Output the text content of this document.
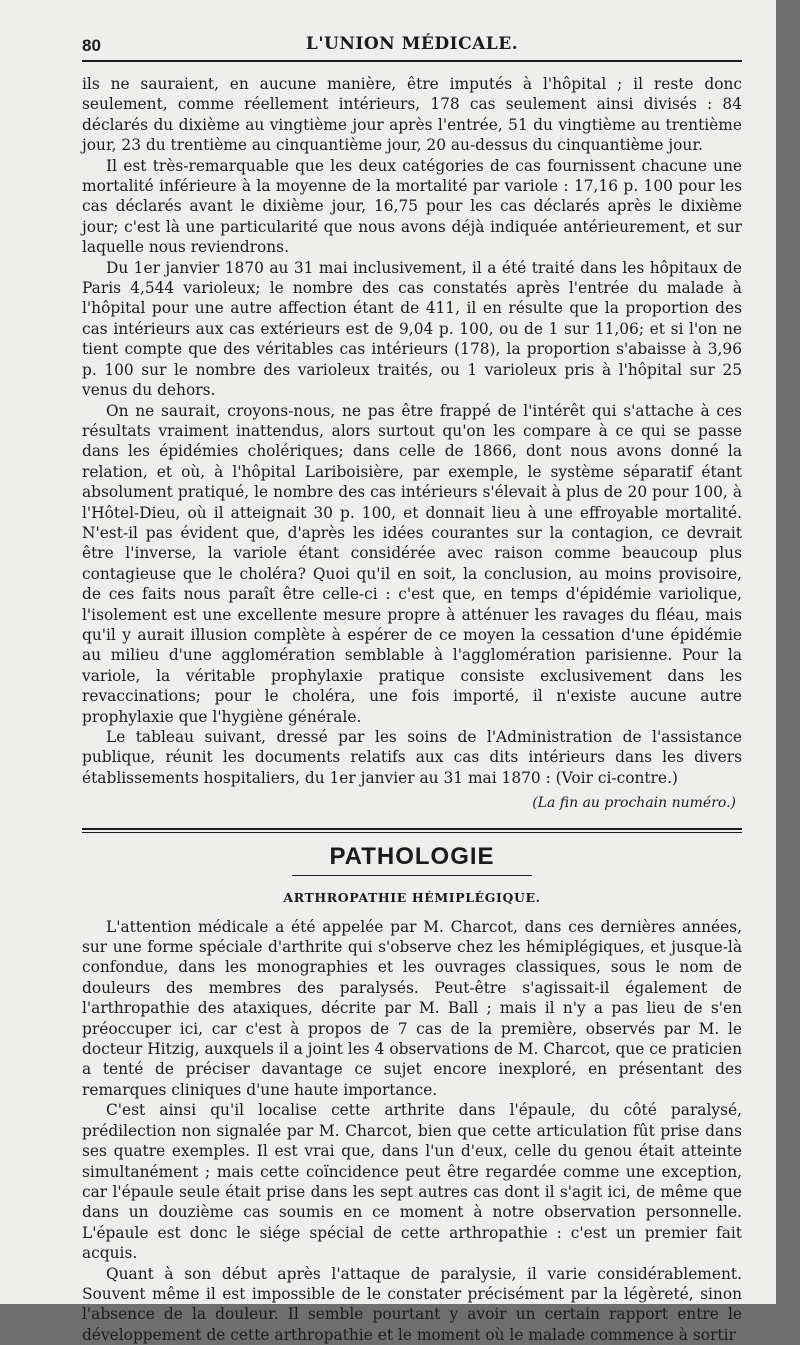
80	L'UNION MÉDICALE.

ils ne sauraient, en aucune manière, être imputés à l'hôpital ; il reste donc seulement, comme réellement intérieurs, 178 cas seulement ainsi divisés : 84 déclarés du dixième au vingtième jour après l'entrée, 51 du vingtième au trentième jour, 23 du trentième au cinquantième jour, 20 au-dessus du cinquantième jour.

Il est très-remarquable que les deux catégories de cas fournissent chacune une mortalité inférieure à la moyenne de la mortalité par variole : 17,16 p. 100 pour les cas déclarés avant le dixième jour, 16,75 pour les cas déclarés après le dixième jour; c'est là une particularité que nous avons déjà indiquée antérieurement, et sur laquelle nous reviendrons.

Du 1er janvier 1870 au 31 mai inclusivement, il a été traité dans les hôpitaux de Paris 4,544 varioleux; le nombre des cas constatés après l'entrée du malade à l'hôpital pour une autre affection étant de 411, il en résulte que la proportion des cas intérieurs aux cas extérieurs est de 9,04 p. 100, ou de 1 sur 11,06; et si l'on ne tient compte que des véritables cas intérieurs (178), la proportion s'abaisse à 3,96 p. 100 sur le nombre des varioleux traités, ou 1 varioleux pris à l'hôpital sur 25 venus du dehors.

On ne saurait, croyons-nous, ne pas être frappé de l'intérêt qui s'attache à ces résultats vraiment inattendus, alors surtout qu'on les compare à ce qui se passe dans les épidémies cholériques; dans celle de 1866, dont nous avons donné la relation, et où, à l'hôpital Lariboisière, par exemple, le système séparatif étant absolument pratiqué, le nombre des cas intérieurs s'élevait à plus de 20 pour 100, à l'Hôtel-Dieu, où il atteignait 30 p. 100, et donnait lieu à une effroyable mortalité. N'est-il pas évident que, d'après les idées courantes sur la contagion, ce devrait être l'inverse, la variole étant considérée avec raison comme beaucoup plus contagieuse que le choléra? Quoi qu'il en soit, la conclusion, au moins provisoire, de ces faits nous paraît être celle-ci : c'est que, en temps d'épidémie variolique, l'isolement est une excellente mesure propre à atténuer les ravages du fléau, mais qu'il y aurait illusion complète à espérer de ce moyen la cessation d'une épidémie au milieu d'une agglomération semblable à l'agglomération parisienne. Pour la variole, la véritable prophylaxie pratique consiste exclusivement dans les revaccinations; pour le choléra, une fois importé, il n'existe aucune autre prophylaxie que l'hygiène générale.

Le tableau suivant, dressé par les soins de l'Administration de l'assistance publique, réunit les documents relatifs aux cas dits intérieurs dans les divers établissements hospitaliers, du 1er janvier au 31 mai 1870 : (Voir ci-contre.)

(La fin au prochain numéro.)
PATHOLOGIE
ARTHROPATHIE HÉMIPLÉGIQUE.

L'attention médicale a été appelée par M. Charcot, dans ces dernières années, sur une forme spéciale d'arthrite qui s'observe chez les hémiplégiques, et jusque-là confondue, dans les monographies et les ouvrages classiques, sous le nom de douleurs des membres des paralysés. Peut-être s'agissait-il également de l'arthropathie des ataxiques, décrite par M. Ball ; mais il n'y a pas lieu de s'en préoccuper ici, car c'est à propos de 7 cas de la première, observés par M. le docteur Hitzig, auxquels il a joint les 4 observations de M. Charcot, que ce praticien a tenté de préciser davantage ce sujet encore inexploré, en présentant des remarques cliniques d'une haute importance.

C'est ainsi qu'il localise cette arthrite dans l'épaule, du côté paralysé, prédilection non signalée par M. Charcot, bien que cette articulation fût prise dans ses quatre exemples. Il est vrai que, dans l'un d'eux, celle du genou était atteinte simultanément ; mais cette coïncidence peut être regardée comme une exception, car l'épaule seule était prise dans les sept autres cas dont il s'agit ici, de même que dans un douzième cas soumis en ce moment à notre observation personnelle. L'épaule est donc le siége spécial de cette arthropathie : c'est un premier fait acquis.

Quant à son début après l'attaque de paralysie, il varie considérablement. Souvent même il est impossible de le constater précisément par la légèreté, sinon l'absence de la douleur. Il semble pourtant y avoir un certain rapport entre le développement de cette arthropathie et le moment où le malade commence à sortir
